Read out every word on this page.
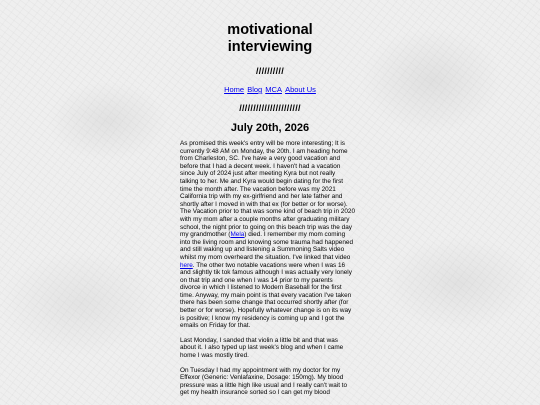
motivational interviewing
//////////
Home Blog MCA About Us
//////////////////////
July 20th, 2026

As promised this week's entry will be more interesting; It is currently 9:48 AM on Monday, the 20th. I am heading home from Charleston, SC. I've have a very good vacation and before that I had a decent week. I haven't had a vacation since July of 2024 just after meeting Kyra but not really talking to her. Me and Kyra would begin dating for the first time the month after. The vacation before was my 2021 California trip with my ex-girlfriend and her late father and shortly after I moved in with that ex (for better or for worse). The Vacation prior to that was some kind of beach trip in 2020 with my mom after a couple months after graduating military school, the night prior to going on this beach trip was the day my grandmother (Mela) died. I remember my mom coming into the living room and knowing some trauma had happened and still waking up and listening a Summoning Salts video whilst my mom overheard the situation. I've linked that video here. The other two notable vacations were when I was 16 and slightly tik tok famous although I was actually very lonely on that trip and one when I was 14 prior to my parents divorce in which I listened to Modern Baseball for the first time. Anyway, my main point is that every vacation I've taken there has been some change that occurred shortly after (for better or for worse). Hopefully whatever change is on its way is positive; I know my residency is coming up and I got the emails on Friday for that.

Last Monday, I sanded that violin a little bit and that was about it. I also typed up last week's blog and when I came home I was mostly tired.

On Tuesday I had my appointment with my doctor for my Effexor (Generic: Venlafaxine, Dosage: 150mg). My blood pressure was a little high like usual and I really can't wait to get my health insurance sorted so I can get my blood
